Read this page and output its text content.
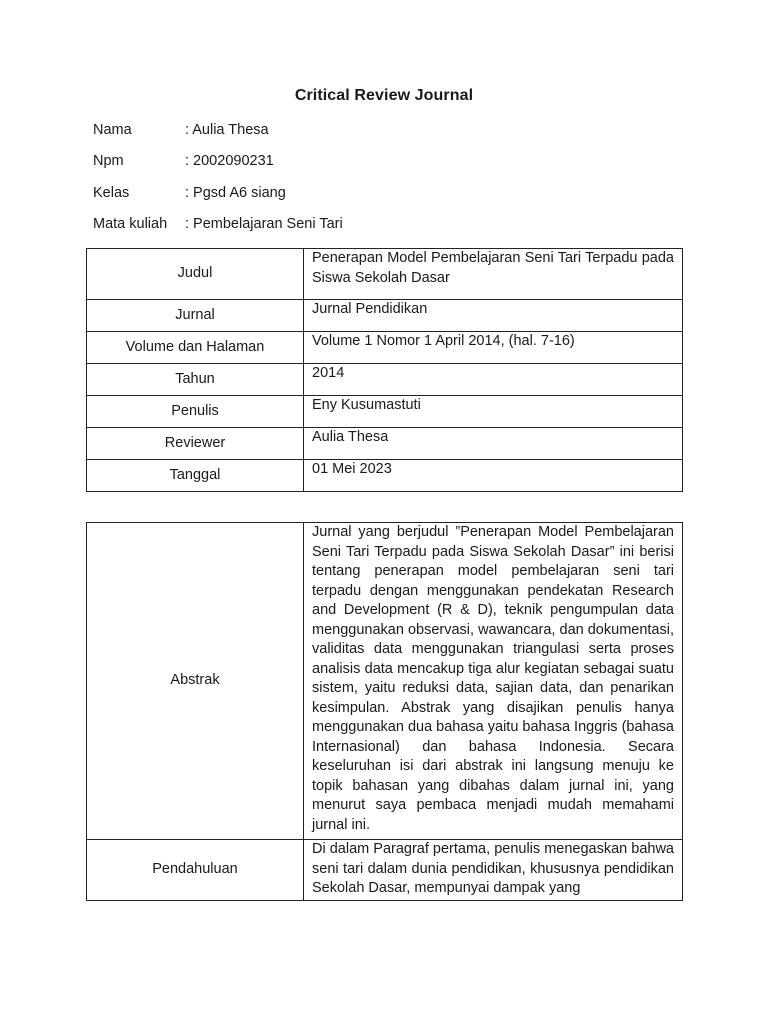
Critical Review Journal
Nama	: Aulia Thesa
Npm	: 2002090231
Kelas	: Pgsd A6 siang
Mata kuliah	: Pembelajaran Seni Tari
Judul	Penerapan Model Pembelajaran Seni Tari Terpadu pada Siswa Sekolah Dasar
Jurnal	Jurnal Pendidikan
Volume dan Halaman	Volume 1 Nomor 1 April 2014, (hal. 7-16)
Tahun	2014
Penulis	Eny Kusumastuti
Reviewer	Aulia Thesa
Tanggal	01 Mei 2023
Abstrak	Jurnal yang berjudul ”Penerapan Model Pembelajaran Seni Tari Terpadu pada Siswa Sekolah Dasar” ini berisi tentang penerapan model pembelajaran seni tari terpadu dengan menggunakan pendekatan Research and Development (R & D), teknik pengumpulan data menggunakan observasi, wawancara, dan dokumentasi, validitas data menggunakan triangulasi serta proses analisis data mencakup tiga alur kegiatan sebagai suatu sistem, yaitu reduksi data, sajian data, dan penarikan kesimpulan. Abstrak yang disajikan penulis hanya menggunakan dua bahasa yaitu bahasa Inggris (bahasa Internasional) dan bahasa Indonesia. Secara keseluruhan isi dari abstrak ini langsung menuju ke topik bahasan yang dibahas dalam jurnal ini, yang menurut saya pembaca menjadi mudah memahami jurnal ini.
Pendahuluan	Di dalam Paragraf pertama, penulis menegaskan bahwa seni tari dalam dunia pendidikan, khususnya pendidikan Sekolah Dasar, mempunyai dampak yang
